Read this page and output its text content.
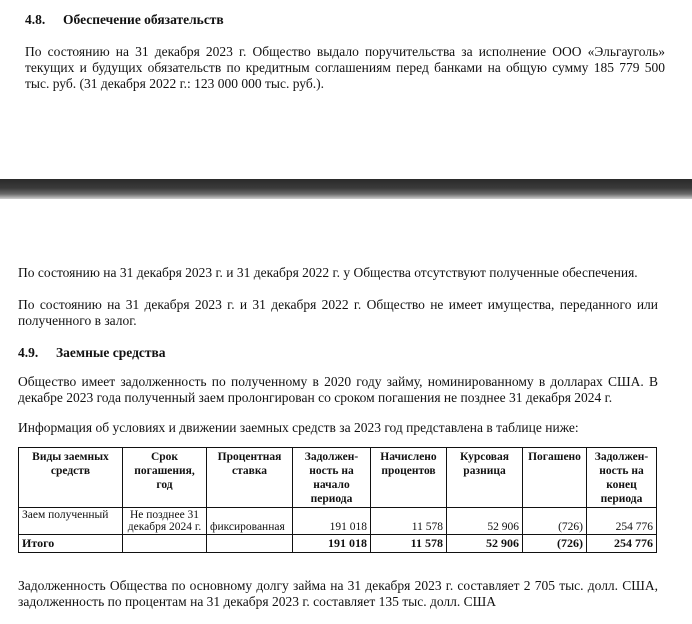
4.8. Обеспечение обязательств
По состоянию на 31 декабря 2023 г. Общество выдало поручительства за исполнение ООО «Эльгауголь» текущих и будущих обязательств по кредитным соглашениям перед банками на общую сумму 185 779 500 тыс. руб. (31 декабря 2022 г.: 123 000 000 тыс. руб.).
По состоянию на 31 декабря 2023 г. и 31 декабря 2022 г. у Общества отсутствуют полученные обеспечения.
По состоянию на 31 декабря 2023 г. и 31 декабря 2022 г. Общество не имеет имущества, переданного или полученного в залог.
4.9. Заемные средства
Общество имеет задолженность по полученному в 2020 году займу, номинированному в долларах США. В декабре 2023 года полученный заем пролонгирован со сроком погашения не позднее 31 декабря 2024 г.
Информация об условиях и движении заемных средств за 2023 год представлена в таблице ниже:
Виды заемных средств	Срок погашения, год	Процентная ставка	Задолжен-ность на начало периода	Начислено процентов	Курсовая разница	Погашено	Задолжен-ность на конец периода
Заем полученный	Не позднее 31 декабря 2024 г.	фиксированная	191 018	11 578	52 906	(726)	254 776
Итого			191 018	11 578	52 906	(726)	254 776
Задолженность Общества по основному долгу займа на 31 декабря 2023 г. составляет 2 705 тыс. долл. США, задолженность по процентам на 31 декабря 2023 г. составляет 135 тыс. долл. США
